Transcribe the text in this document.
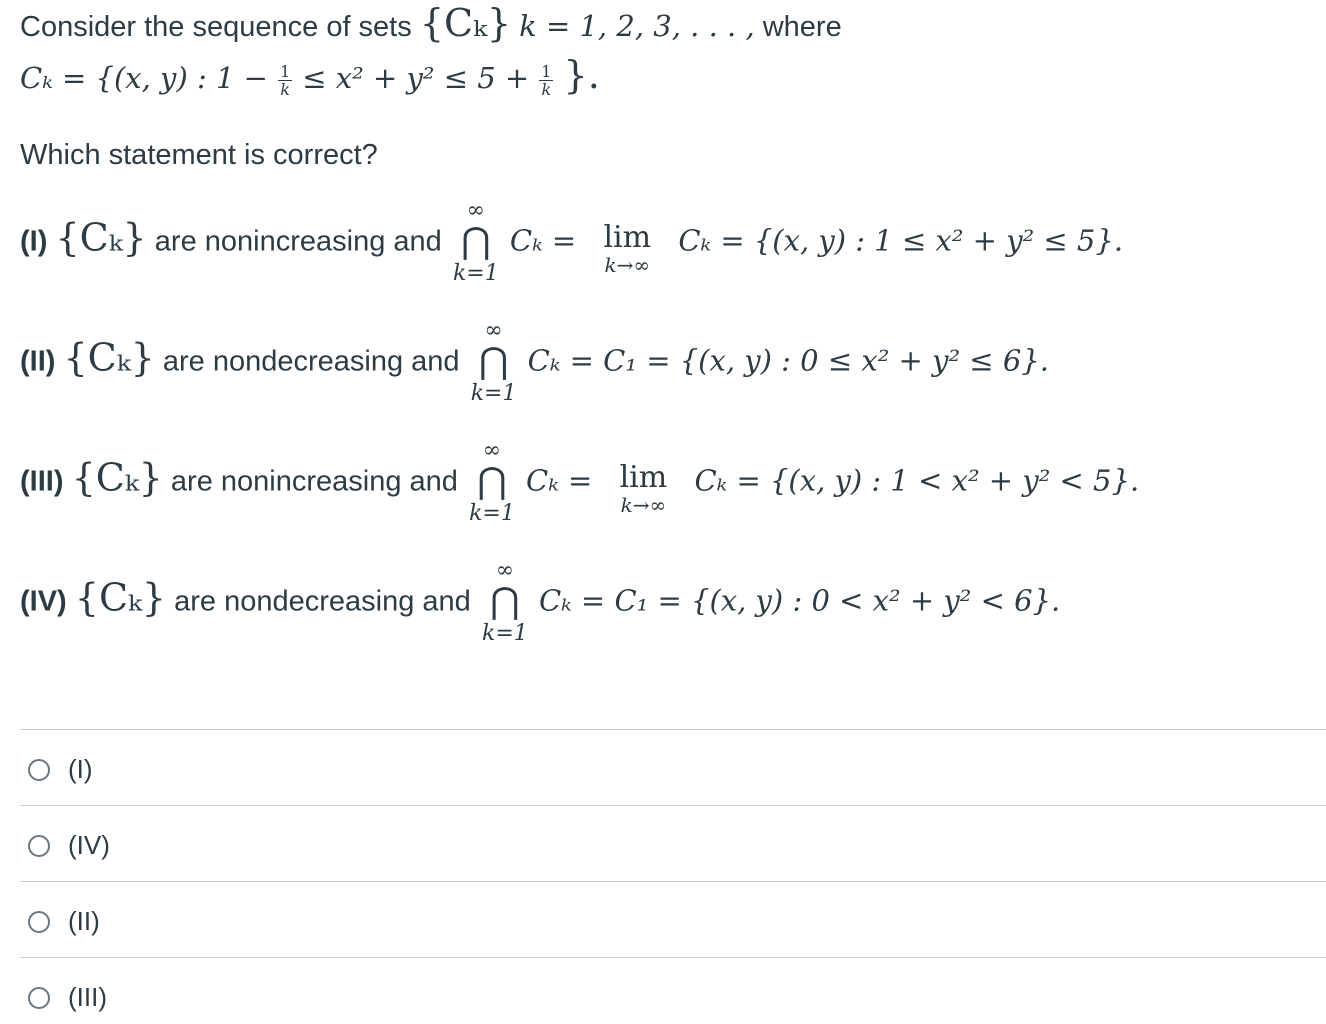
Consider the sequence of sets {Cₖ} k = 1, 2, 3, . . . , where
Cₖ = {(x, y) : $1 - \frac{1}{k} \le x^2 + y^2 \le 5 + \frac{1}{k}$ }.
Which statement is correct?
(I) {Cₖ} are nonincreasing and
∞
⋂
k=1
Cₖ = lim
k→∞
Cₖ = {(x, y) : 1 ≤ x² + y² ≤ 5}.
(II) {Cₖ} are nondecreasing and
∞
⋂
k=1
Cₖ = C₁ = {(x, y) : 0 ≤ x² + y² ≤ 6}.
(III) {Cₖ} are nonincreasing and
∞
⋂
k=1
Cₖ = lim
k→∞
Cₖ = {(x, y) : 1 < x² + y² < 5}.
(IV) {Cₖ} are nondecreasing and
∞
⋂
k=1
Cₖ = C₁ = {(x, y) : 0 < x² + y² < 6}.
(I)
(IV)
(II)
(III)
